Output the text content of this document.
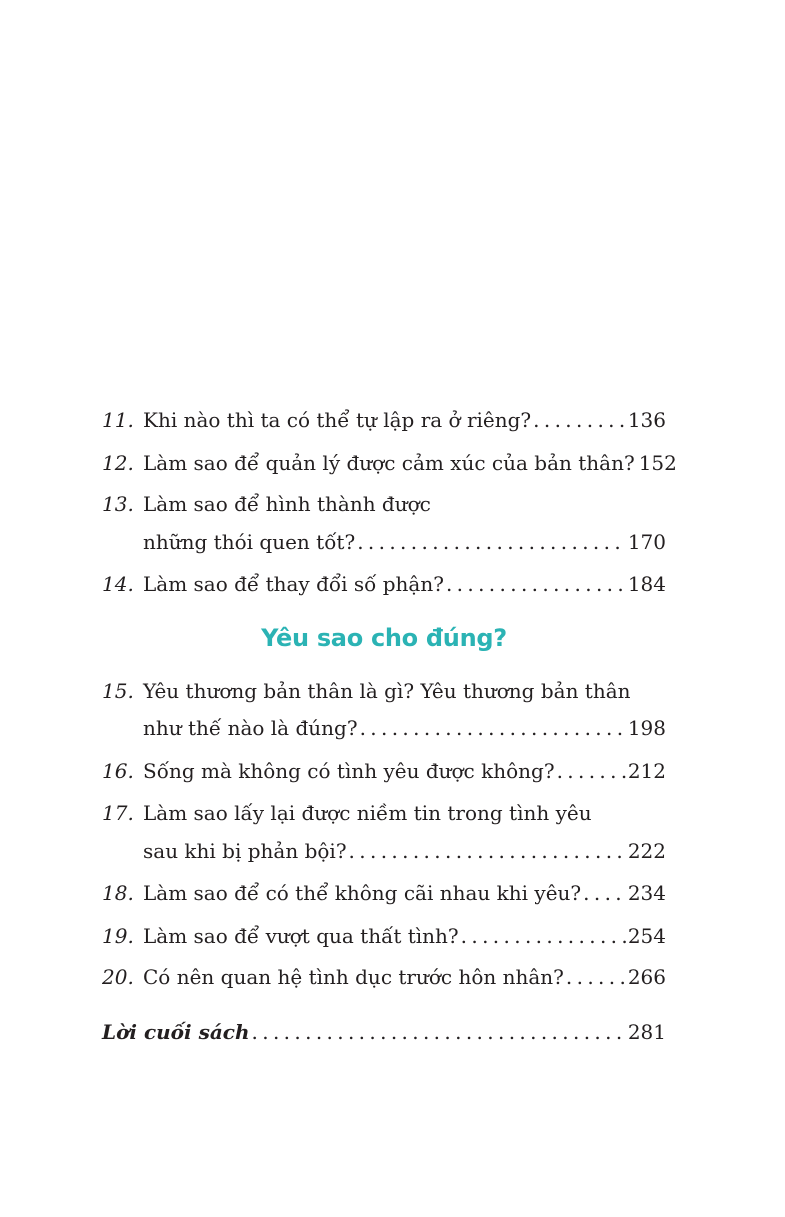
11. Khi nào thì ta có thể tự lập ra ở riêng? . . .	136
12. Làm sao để quản lý được cảm xúc của bản thân? 152
13. Làm sao để hình thành được
những thói quen tốt? . . .	170
14. Làm sao để thay đổi số phận? . . .	184
Yêu sao cho đúng?
15. Yêu thương bản thân là gì? Yêu thương bản thân
như thế nào là đúng? . . .	198
16. Sống mà không có tình yêu được không? . . .	212
17. Làm sao lấy lại được niềm tin trong tình yêu
sau khi bị phản bội? . . .	222
18. Làm sao để có thể không cãi nhau khi yêu? . . . 234
19. Làm sao để vượt qua thất tình? . . .	254
20. Có nên quan hệ tình dục trước hôn nhân? . . .	266
Lời cuối sách . . .	281
